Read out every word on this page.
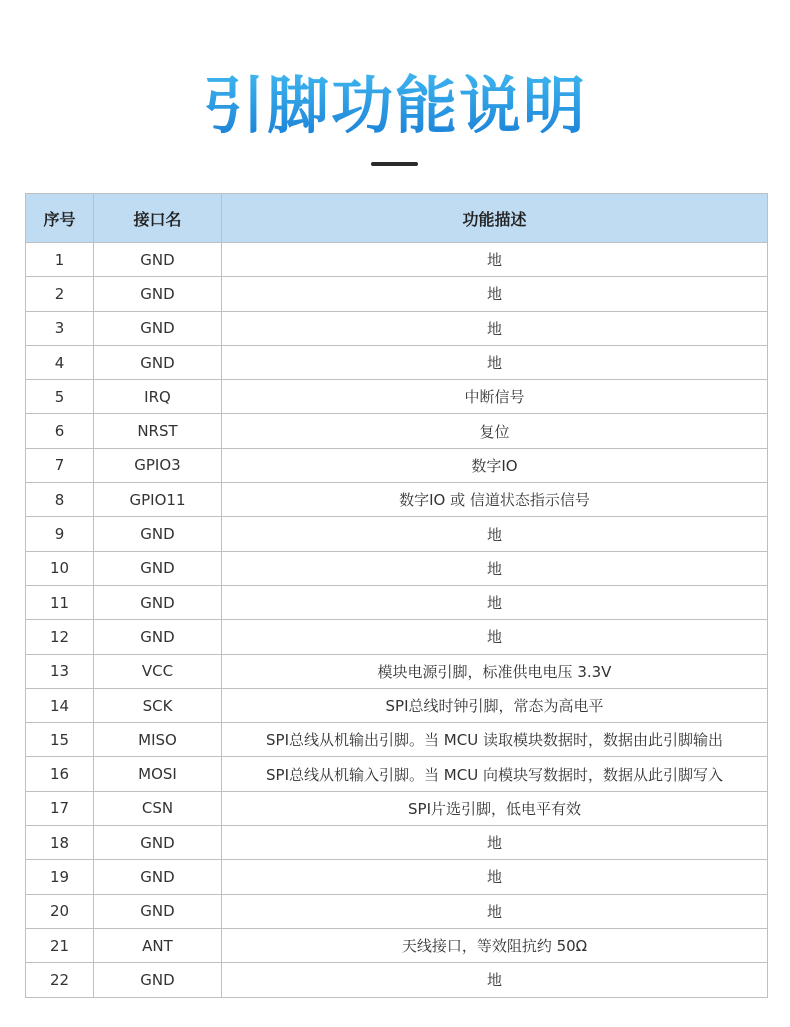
引脚功能说明
序号	接口名	功能描述
1	GND	地
2	GND	地
3	GND	地
4	GND	地
5	IRQ	中断信号
6	NRST	复位
7	GPIO3	数字IO
8	GPIO11	数字IO 或 信道状态指示信号
9	GND	地
10	GND	地
11	GND	地
12	GND	地
13	VCC	模块电源引脚，标准供电电压 3.3V
14	SCK	SPI总线时钟引脚，常态为高电平
15	MISO	SPI总线从机输出引脚。当 MCU 读取模块数据时，数据由此引脚输出
16	MOSI	SPI总线从机输入引脚。当 MCU 向模块写数据时，数据从此引脚写入
17	CSN	SPI片选引脚，低电平有效
18	GND	地
19	GND	地
20	GND	地
21	ANT	天线接口，等效阻抗约 50Ω
22	GND	地
